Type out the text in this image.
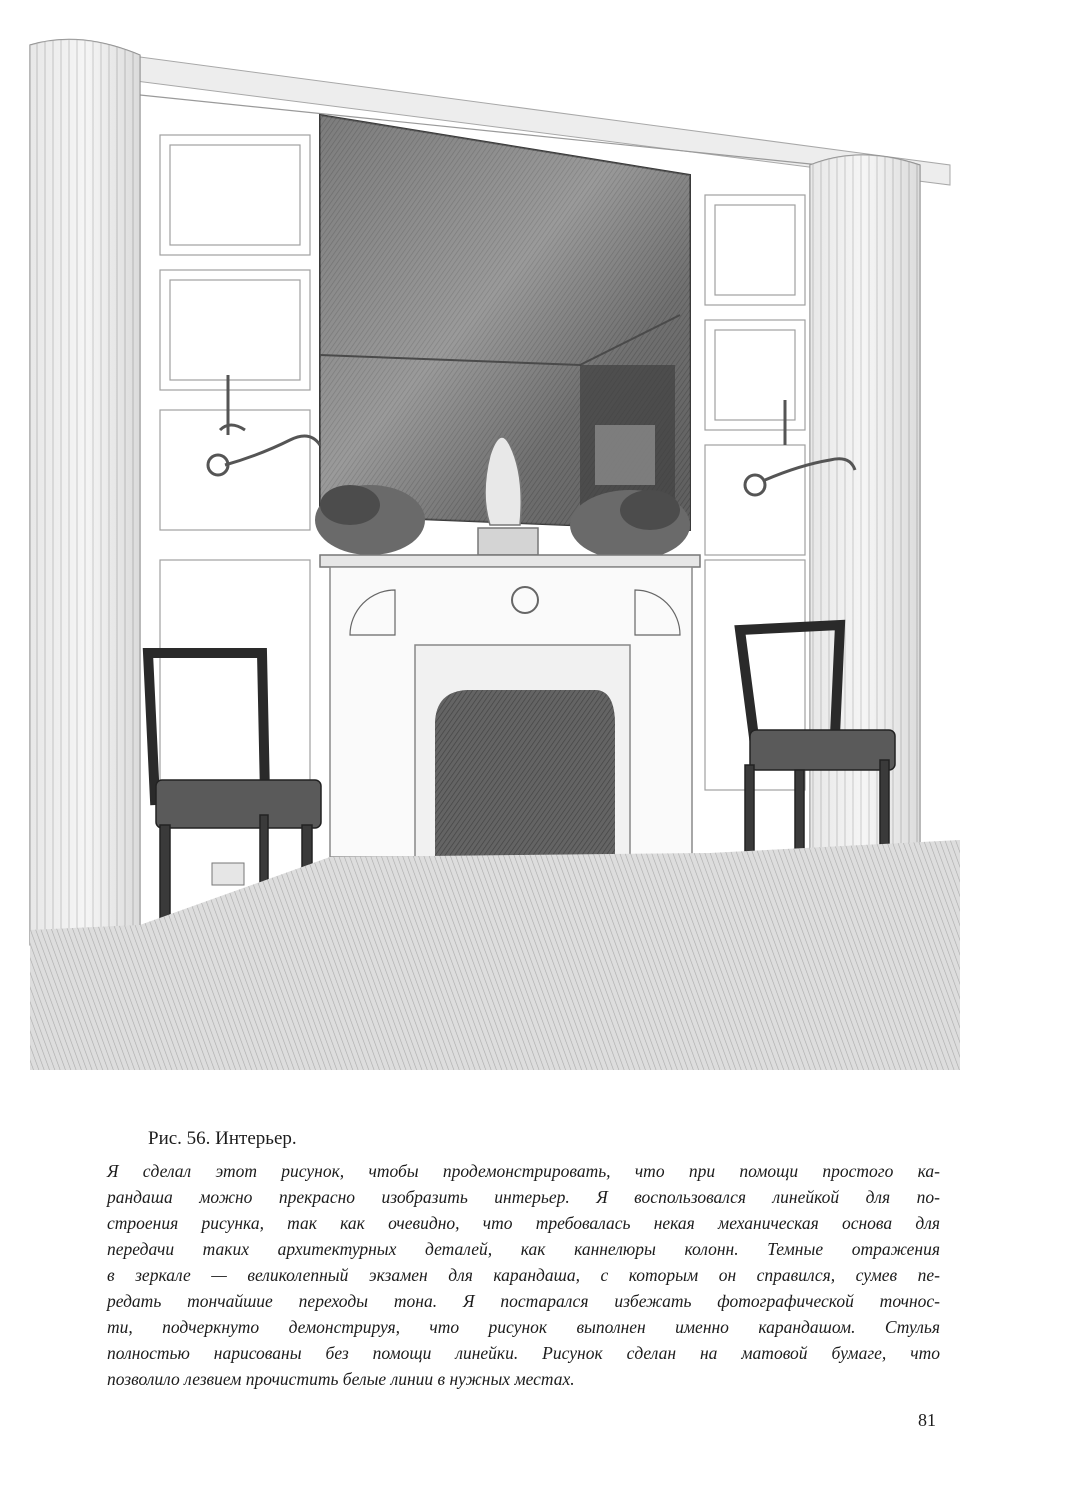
Рис. 56. Интерьер.
Я сделал этот рисунок, чтобы продемонстрировать, что при помощи простого ка-
рандаша можно прекрасно изобразить интерьер. Я воспользовался линейкой для по-
строения рисунка, так как очевидно, что требовалась некая механическая основа для
передачи таких архитектурных деталей, как каннелюры колонн. Темные отражения
в зеркале — великолепный экзамен для карандаша, с которым он справился, сумев пе-
редать тончайшие переходы тона. Я постарался избежать фотографической точнос-
ти, подчеркнуто демонстрируя, что рисунок выполнен именно карандашом. Стулья
полностью нарисованы без помощи линейки. Рисунок сделан на матовой бумаге, что
позволило лезвием прочистить белые линии в нужных местах.
81
